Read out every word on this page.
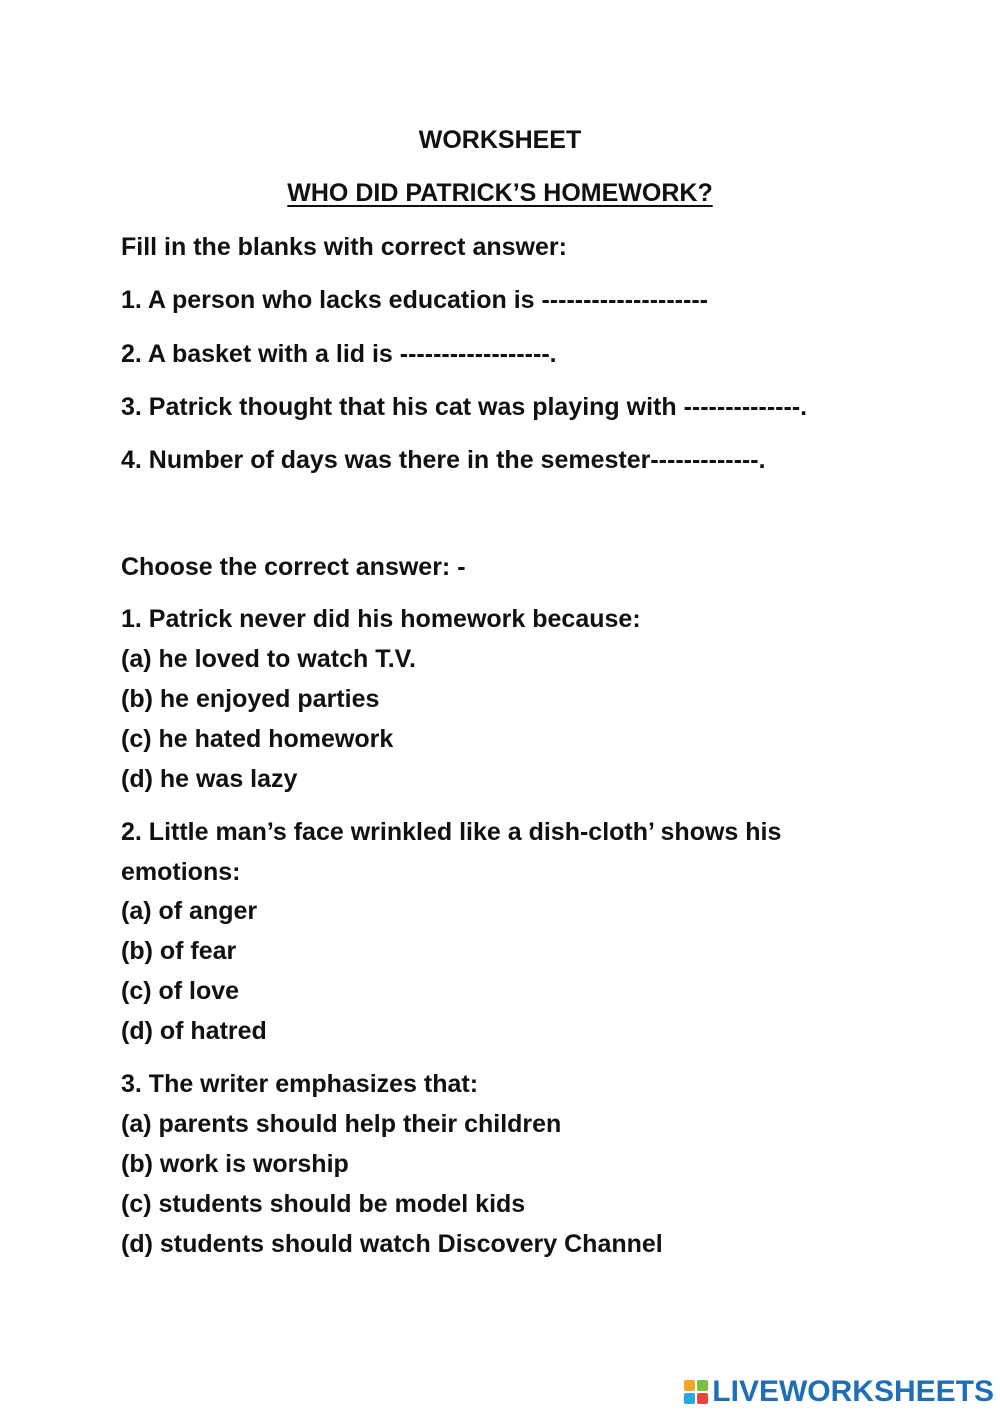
WORKSHEET
WHO DID PATRICK’S HOMEWORK?
Fill in the blanks with correct answer:
1. A person who lacks education is --------------------
2. A basket with a lid is ------------------.
3. Patrick thought that his cat was playing with --------------.
4. Number of days was there in the semester-------------.
Choose the correct answer: -
1. Patrick never did his homework because:
(a) he loved to watch T.V.
(b) he enjoyed parties
(c) he hated homework
(d) he was lazy
2. Little man’s face wrinkled like a dish-cloth’ shows his
emotions:
(a) of anger
(b) of fear
(c) of love
(d) of hatred
3. The writer emphasizes that:
(a) parents should help their children
(b) work is worship
(c) students should be model kids
(d) students should watch Discovery Channel
LIVEWORKSHEETS
